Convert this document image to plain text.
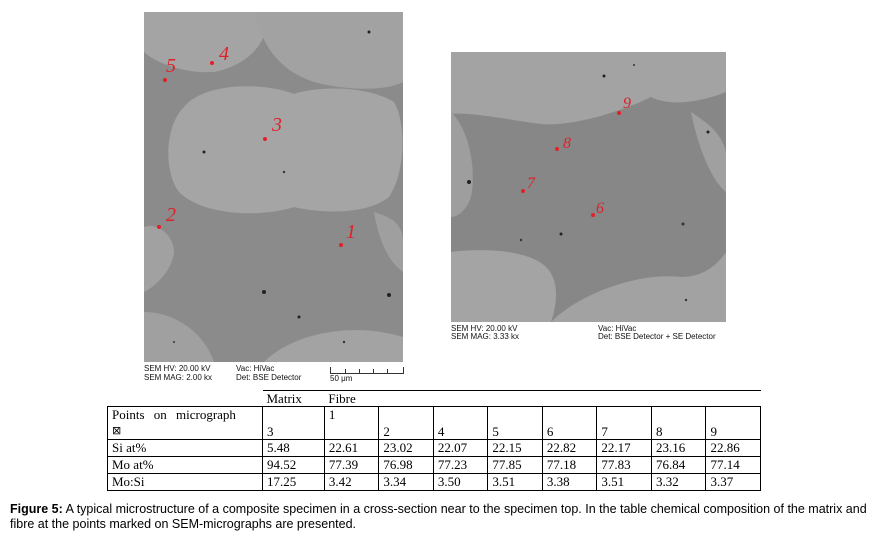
5
4
3
2
1
SEM HV: 20.00 kV
SEM MAG: 2.00 kx
Vac: HiVac
Det: BSE Detector	50 μm
9
8
7
6
SEM HV: 20.00 kV
SEM MAG: 3.33 kx
Vac: HiVac
Det: BSE Detector + SE Detector
	Matrix	Fibre							
Points on micrograph
⊠	3	1	2	4	5	6	7	8	9
Si at%	5.48	22.61	23.02	22.07	22.15	22.82	22.17	23.16	22.86
Mo at%	94.52	77.39	76.98	77.23	77.85	77.18	77.83	76.84	77.14
Mo:Si	17.25	3.42	3.34	3.50	3.51	3.38	3.51	3.32	3.37
Figure 5: A typical microstructure of a composite specimen in a cross-section near to the specimen top. In the table chemical composition of the matrix and fibre at the points marked on SEM-micrographs are presented.
